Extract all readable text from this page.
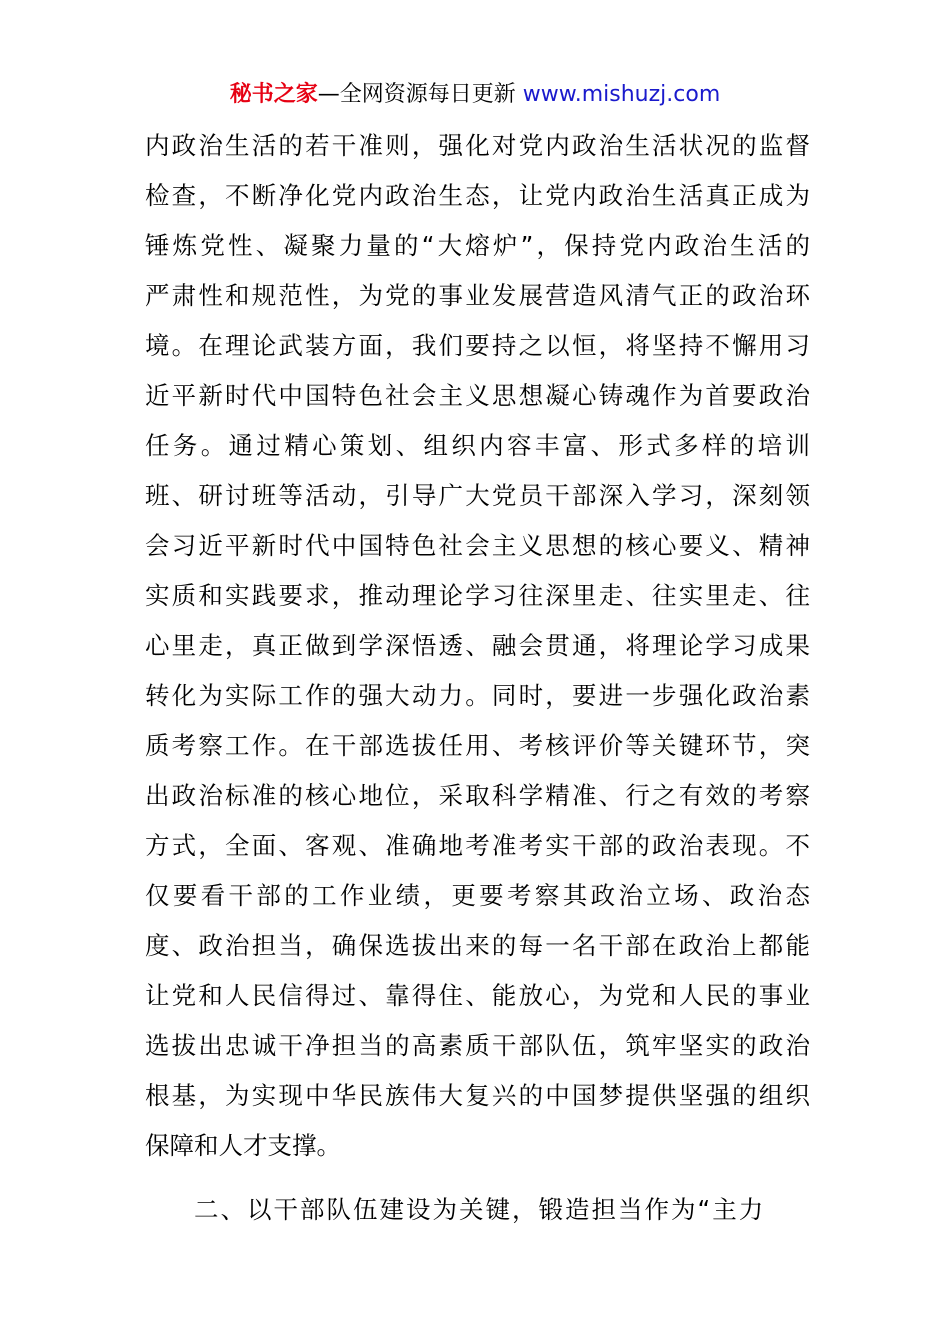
秘书之家—全网资源每日更新 www.mishuzj.com
内政治生活的若干准则，强化对党内政治生活状况的监督
检查，不断净化党内政治生态，让党内政治生活真正成为
锤炼党性、凝聚力量的“大熔炉”，保持党内政治生活的
严肃性和规范性，为党的事业发展营造风清气正的政治环
境。在理论武装方面，我们要持之以恒，将坚持不懈用习
近平新时代中国特色社会主义思想凝心铸魂作为首要政治
任务。通过精心策划、组织内容丰富、形式多样的培训
班、研讨班等活动，引导广大党员干部深入学习，深刻领
会习近平新时代中国特色社会主义思想的核心要义、精神
实质和实践要求，推动理论学习往深里走、往实里走、往
心里走，真正做到学深悟透、融会贯通，将理论学习成果
转化为实际工作的强大动力。同时，要进一步强化政治素
质考察工作。在干部选拔任用、考核评价等关键环节，突
出政治标准的核心地位，采取科学精准、行之有效的考察
方式，全面、客观、准确地考准考实干部的政治表现。不
仅要看干部的工作业绩，更要考察其政治立场、政治态
度、政治担当，确保选拔出来的每一名干部在政治上都能
让党和人民信得过、靠得住、能放心，为党和人民的事业
选拔出忠诚干净担当的高素质干部队伍，筑牢坚实的政治
根基，为实现中华民族伟大复兴的中国梦提供坚强的组织
保障和人才支撑。
二、以干部队伍建设为关键，锻造担当作为“主力
